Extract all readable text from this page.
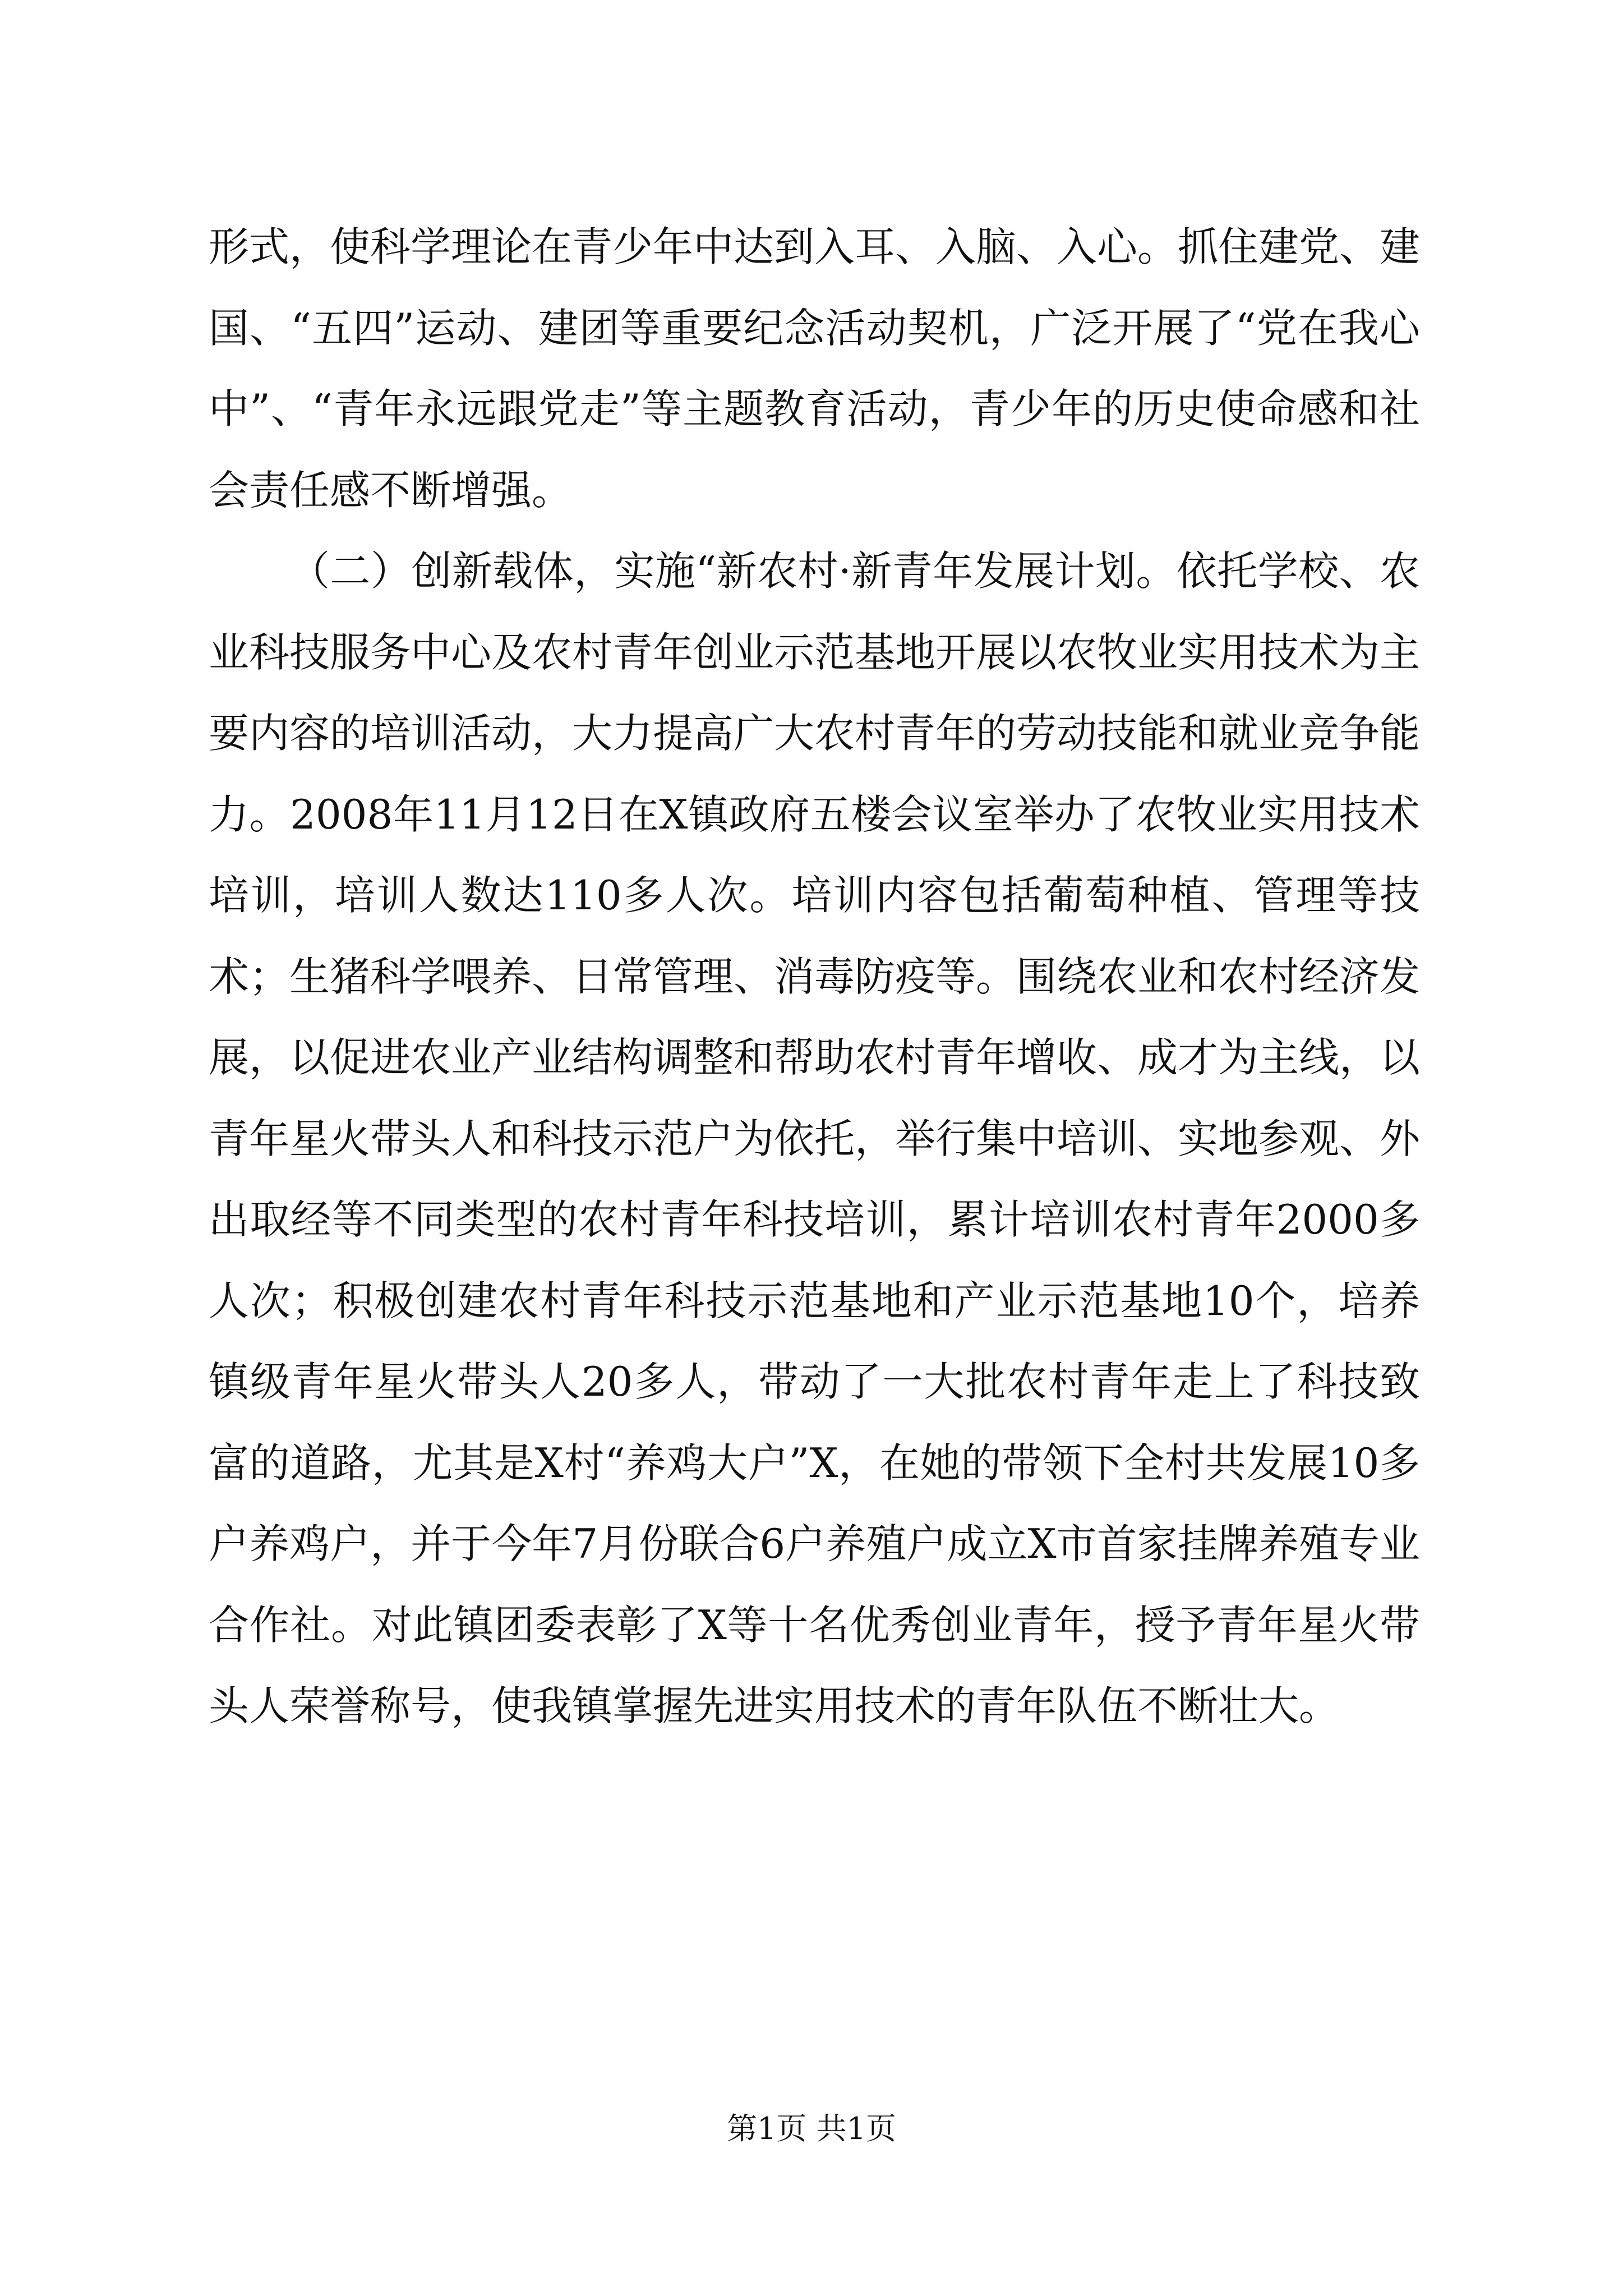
形式，使科学理论在青少年中达到入耳、入脑、入心。抓住建党、建国、“五四”运动、建团等重要纪念活动契机，广泛开展了“党在我心中”、“青年永远跟党走”等主题教育活动，青少年的历史使命感和社会责任感不断增强。

（二）创新载体，实施“新农村·新青年发展计划。依托学校、农业科技服务中心及农村青年创业示范基地开展以农牧业实用技术为主要内容的培训活动，大力提高广大农村青年的劳动技能和就业竞争能力。2008年11月12日在X镇政府五楼会议室举办了农牧业实用技术培训，培训人数达110多人次。培训内容包括葡萄种植、管理等技术；生猪科学喂养、日常管理、消毒防疫等。围绕农业和农村经济发展，以促进农业产业结构调整和帮助农村青年增收、成才为主线，以青年星火带头人和科技示范户为依托，举行集中培训、实地参观、外出取经等不同类型的农村青年科技培训，累计培训农村青年2000多人次；积极创建农村青年科技示范基地和产业示范基地10个，培养镇级青年星火带头人20多人，带动了一大批农村青年走上了科技致富的道路，尤其是X村“养鸡大户”X，在她的带领下全村共发展10多户养鸡户，并于今年7月份联合6户养殖户成立X市首家挂牌养殖专业合作社。对此镇团委表彰了X等十名优秀创业青年，授予青年星火带头人荣誉称号，使我镇掌握先进实用技术的青年队伍不断壮大。

第1页 共1页
